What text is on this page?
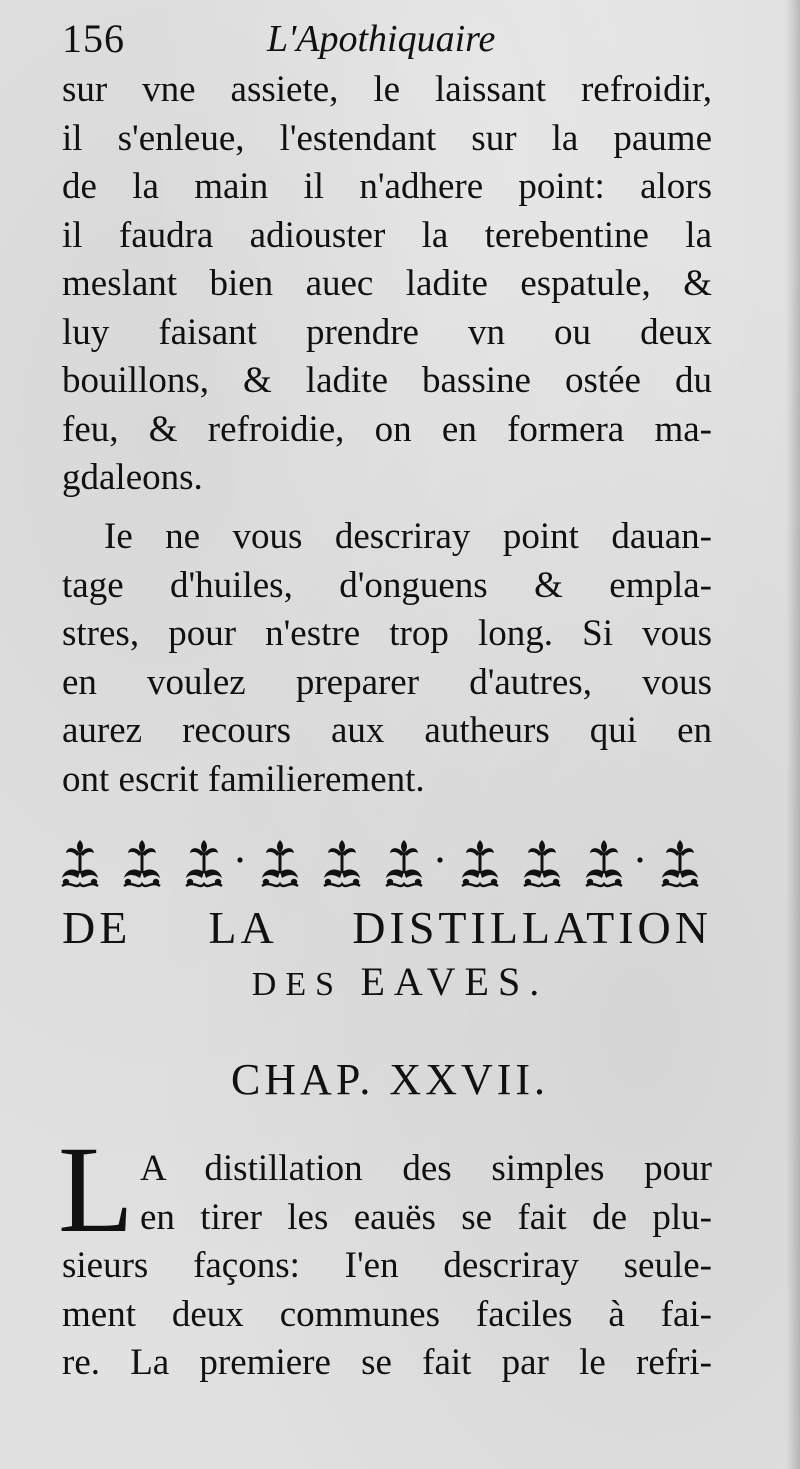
156	L'Apothiquaire
sur vne assiete, le laissant refroidir,
il s'enleue, l'estendant sur la paume
de la main il n'adhere point: alors
il faudra adiouster la terebentine la
meslant bien auec ladite espatule, &
luy faisant prendre vn ou deux
bouillons, & ladite bassine ostée du
feu, & refroidie, on en formera ma-
gdaleons.
Ie ne vous descriray point dauan-
tage d'huiles, d'onguens & empla-
stres, pour n'estre trop long. Si vous
en voulez preparer d'autres, vous
aurez recours aux autheurs qui en
ont escrit familierement.
DE LA DISTILLATION
DES EAVES.
CHAP. XXVII.
L A distillation des simples pour
en tirer les eauës se fait de plu-
sieurs façons: I'en descriray seule-
ment deux communes faciles à fai-
re. La premiere se fait par le refri-
